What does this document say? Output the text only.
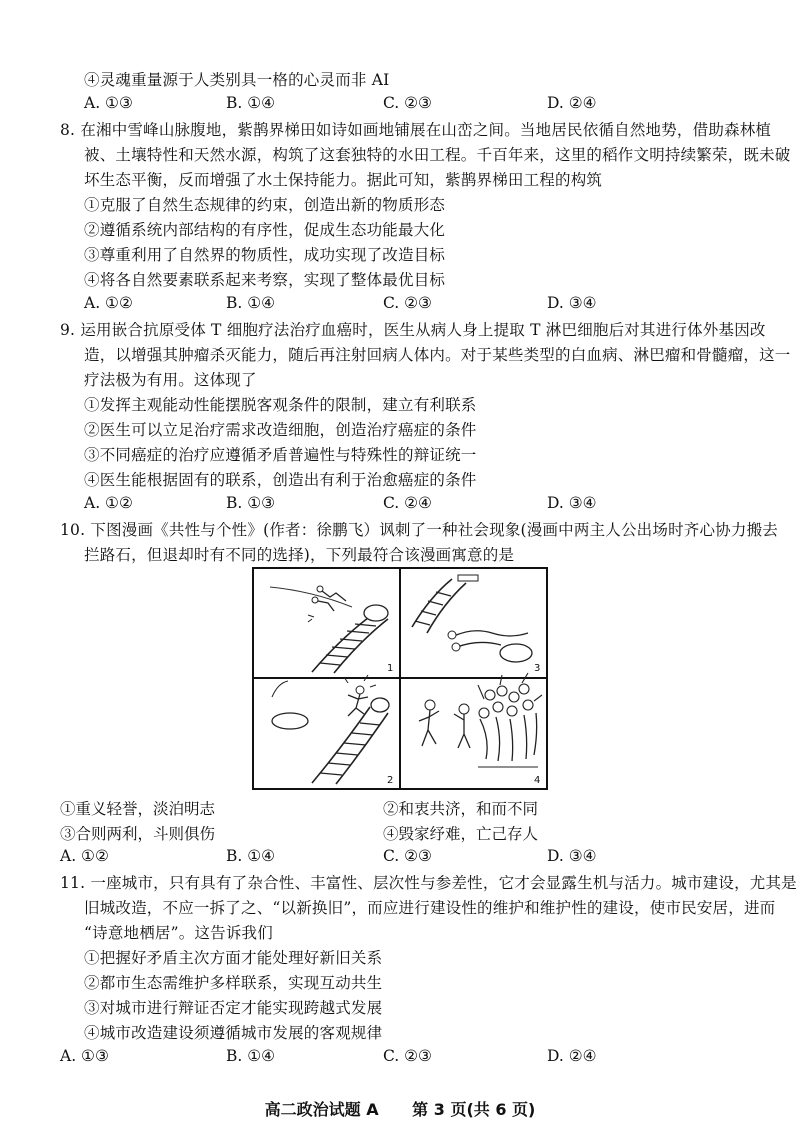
④灵魂重量源于人类别具一格的心灵而非 AI
A. ①③	B. ①④	C. ②③	D. ②④
8. 在湘中雪峰山脉腹地，紫鹊界梯田如诗如画地铺展在山峦之间。当地居民依循自然地势，借助森林植
被、土壤特性和天然水源，构筑了这套独特的水田工程。千百年来，这里的稻作文明持续繁荣，既未破
坏生态平衡，反而增强了水土保持能力。据此可知，紫鹊界梯田工程的构筑
①克服了自然生态规律的约束，创造出新的物质形态
②遵循系统内部结构的有序性，促成生态功能最大化
③尊重利用了自然界的物质性，成功实现了改造目标
④将各自然要素联系起来考察，实现了整体最优目标
A. ①②	B. ①④	C. ②③	D. ③④
9. 运用嵌合抗原受体 T 细胞疗法治疗血癌时，医生从病人身上提取 T 淋巴细胞后对其进行体外基因改
造，以增强其肿瘤杀灭能力，随后再注射回病人体内。对于某些类型的白血病、淋巴瘤和骨髓瘤，这一
疗法极为有用。这体现了
①发挥主观能动性能摆脱客观条件的限制，建立有利联系
②医生可以立足治疗需求改造细胞，创造治疗癌症的条件
③不同癌症的治疗应遵循矛盾普遍性与特殊性的辩证统一
④医生能根据固有的联系，创造出有利于治愈癌症的条件
A. ①②	B. ①③	C. ②④	D. ③④
10. 下图漫画《共性与个性》(作者：徐鹏飞）讽刺了一种社会现象(漫画中两主人公出场时齐心协力搬去
拦路石，但退却时有不同的选择)，下列最符合该漫画寓意的是
1	3
2	4
①重义轻誉，淡泊明志	②和衷共济，和而不同
③合则两利，斗则俱伤	④毁家纾难，亡己存人
A. ①②	B. ①④	C. ②③	D. ③④
11. 一座城市，只有具有了杂合性、丰富性、层次性与参差性，它才会显露生机与活力。城市建设，尤其是
旧城改造，不应一拆了之、“以新换旧”，而应进行建设性的维护和维护性的建设，使市民安居，进而
“诗意地栖居”。这告诉我们
①把握好矛盾主次方面才能处理好新旧关系
②都市生态需维护多样联系，实现互动共生
③对城市进行辩证否定才能实现跨越式发展
④城市改造建设须遵循城市发展的客观规律
A. ①③	B. ①④	C. ②③	D. ②④
高二政治试题 A 第 3 页(共 6 页)
